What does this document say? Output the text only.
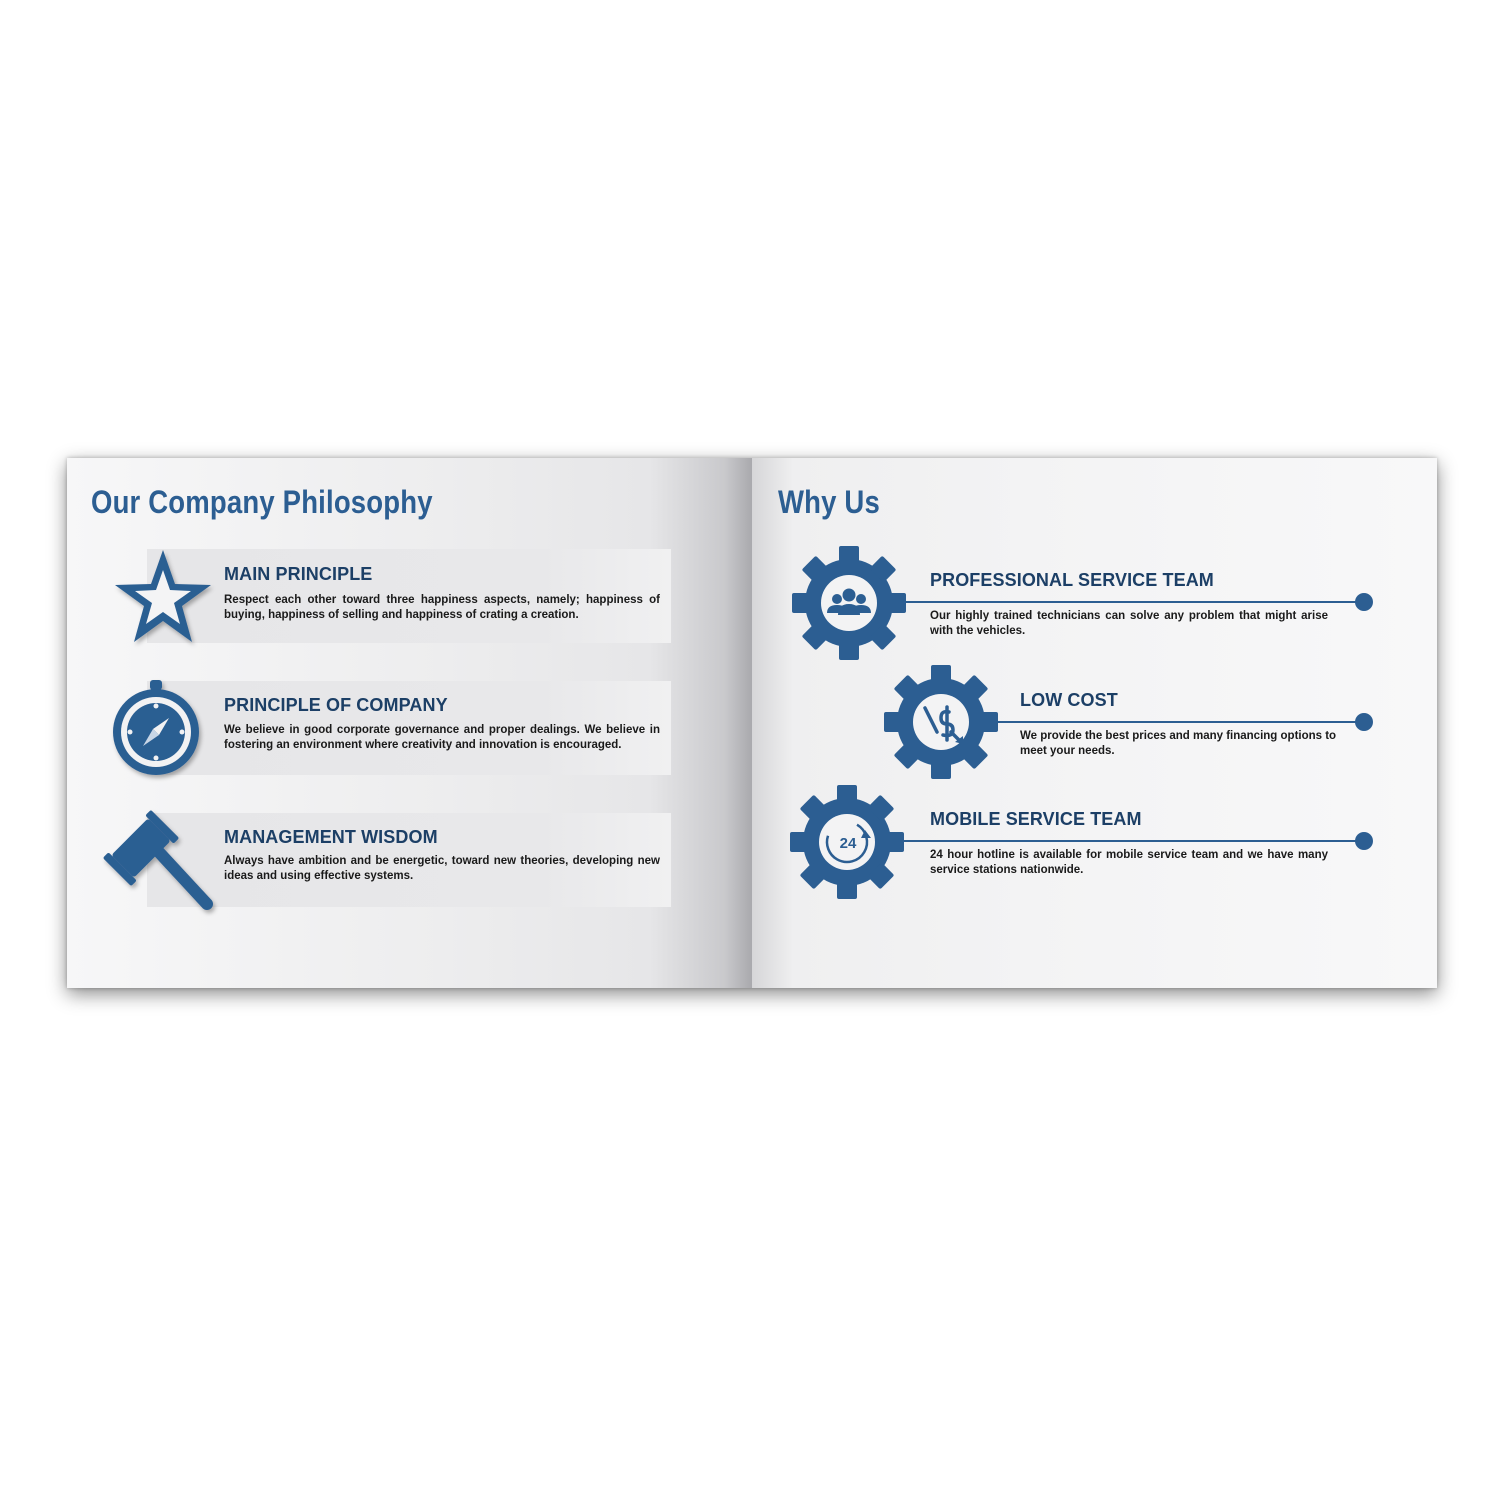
Our Company Philosophy
MAIN PRINCIPLE

Respect each other toward three happiness aspects, namely; happiness of buying, happiness of selling and happiness of crating a creation.

PRINCIPLE OF COMPANY

We believe in good corporate governance and proper dealings. We believe in fostering an environment where creativity and innovation is encouraged.

MANAGEMENT WISDOM

Always have ambition and be energetic, toward new theories, developing new ideas and using effective systems.

Why Us
PROFESSIONAL SERVICE TEAM

Our highly trained technicians can solve any problem that might arise with the vehicles.

LOW COST

We provide the best prices and many financing options to meet your needs.

24
MOBILE SERVICE TEAM

24 hour hotline is available for mobile service team and we have many service stations nationwide.
